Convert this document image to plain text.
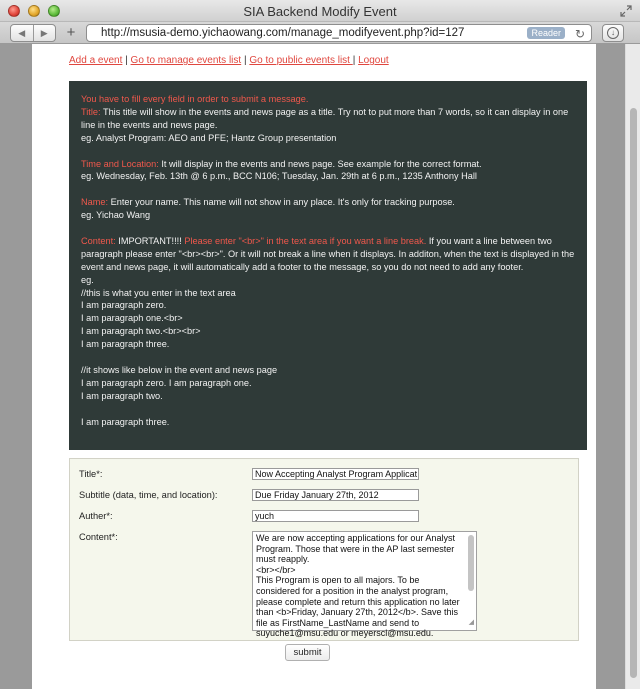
SIA Backend Modify Event
◀	▶	+	http://msusia-demo.yichaowang.com/manage_modifyevent.php?id=127	Reader	↻	↓
Add a event | Go to manage events list | Go to public events list | Logout
You have to fill every field in order to submit a message.

Title: This title will show in the events and news page as a title. Try not to put more than 7 words, so it can display in one line in the events and news page.
eg. Analyst Program: AEO and PFE; Hantz Group presentation

Time and Location: It will display in the events and news page. See example for the correct format.
eg. Wednesday, Feb. 13th @ 6 p.m., BCC N106; Tuesday, Jan. 29th at 6 p.m., 1235 Anthony Hall

Name: Enter your name. This name will not show in any place. It's only for tracking purpose.
eg. Yichao Wang

Content: IMPORTANT!!!! Please enter "<br>" in the text area if you want a line break. If you want a line between two paragraph please enter "<br><br>". Or it will not break a line when it displays. In additon, when the text is displayed in the event and news page, it will automatically add a footer to the message, so you do not need to add any footer.
eg.
//this is what you enter in the text area
I am paragraph zero.
I am paragraph one.<br>
I am paragraph two.<br><br>
I am paragraph three.

//it shows like below in the event and news page
I am paragraph zero. I am paragraph one.
I am paragraph two.

I am paragraph three.
Title*:
Now Accepting Analyst Program Applicat
Subtitle (data, time, and location):
Due Friday January 27th, 2012
Auther*:
yuch
Content*:	We are now accepting applications for our Analyst Program. Those that were in the AP last semester must reapply.
<br></br>
This Program is open to all majors. To be considered for a position in the analyst program, please complete and return this application no later than <b>Friday, January 27th, 2012</b>. Save this file as FirstName_LastName and send to suyuche1@msu.edu or meyerscl@msu.edu.
◢
submit
